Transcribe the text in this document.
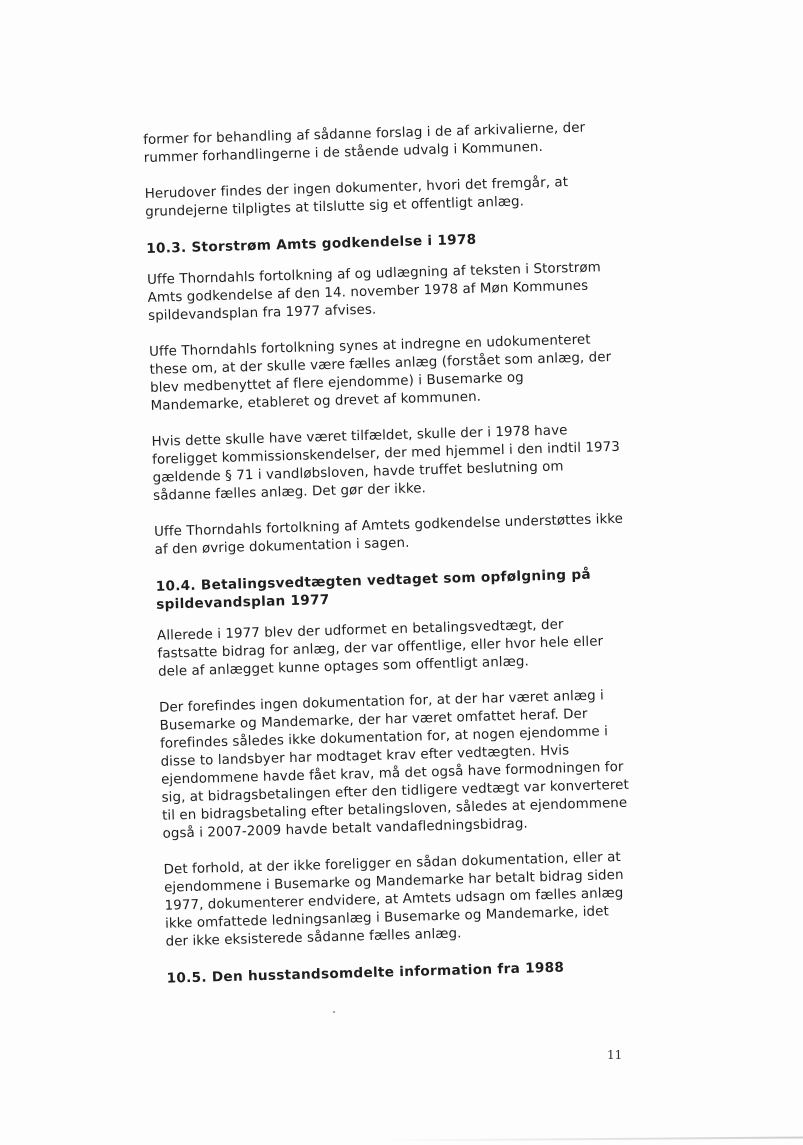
former for behandling af sådanne forslag i de af arkivalierne, der rummer forhandlingerne i de stående udvalg i Kommunen.

Herudover findes der ingen dokumenter, hvori det fremgår, at grundejerne tilpligtes at tilslutte sig et offentligt anlæg.

10.3. Storstrøm Amts godkendelse i 1978

Uffe Thorndahls fortolkning af og udlægning af teksten i Storstrøm Amts godkendelse af den 14. november 1978 af Møn Kommunes spildevandsplan fra 1977 afvises.

Uffe Thorndahls fortolkning synes at indregne en udokumenteret these om, at der skulle være fælles anlæg (forstået som anlæg, der blev medbenyttet af flere ejendomme) i Busemarke og Mandemarke, etableret og drevet af kommunen.

Hvis dette skulle have været tilfældet, skulle der i 1978 have foreligget kommissionskendelser, der med hjemmel i den indtil 1973 gældende § 71 i vandløbsloven, havde truffet beslutning om sådanne fælles anlæg. Det gør der ikke.

Uffe Thorndahls fortolkning af Amtets godkendelse understøttes ikke af den øvrige dokumentation i sagen.

10.4. Betalingsvedtægten vedtaget som opfølgning på spildevandsplan 1977

Allerede i 1977 blev der udformet en betalingsvedtægt, der fastsatte bidrag for anlæg, der var offentlige, eller hvor hele eller dele af anlægget kunne optages som offentligt anlæg.

Der forefindes ingen dokumentation for, at der har været anlæg i Busemarke og Mandemarke, der har været omfattet heraf. Der forefindes således ikke dokumentation for, at nogen ejendomme i disse to landsbyer har modtaget krav efter vedtægten. Hvis ejendommene havde fået krav, må det også have formodningen for sig, at bidragsbetalingen efter den tidligere vedtægt var konverteret til en bidragsbetaling efter betalingsloven, således at ejendommene også i 2007-2009 havde betalt vandafledningsbidrag.

Det forhold, at der ikke foreligger en sådan dokumentation, eller at ejendommene i Busemarke og Mandemarke har betalt bidrag siden 1977, dokumenterer endvidere, at Amtets udsagn om fælles anlæg ikke omfattede ledningsanlæg i Busemarke og Mandemarke, idet der ikke eksisterede sådanne fælles anlæg.

10.5. Den husstandsomdelte information fra 1988
11
